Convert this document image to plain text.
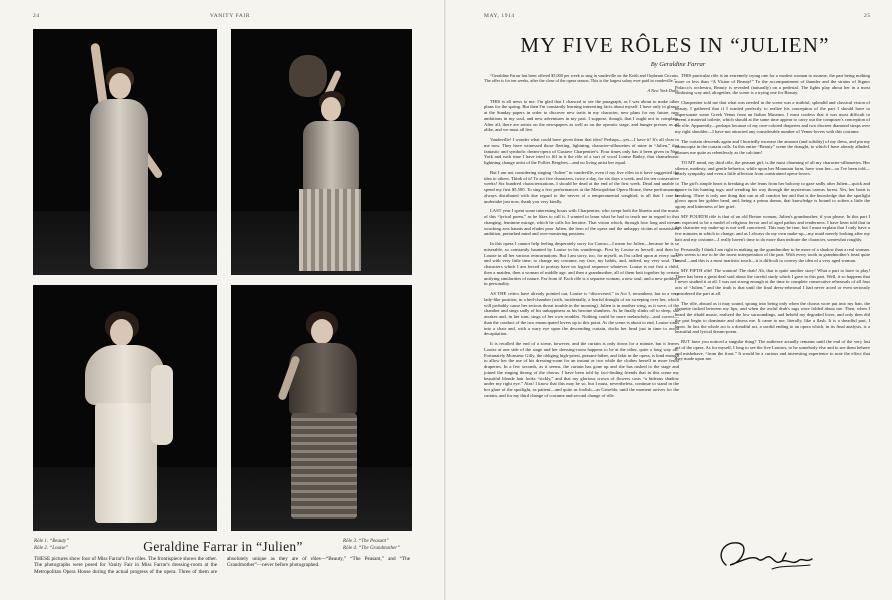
24	VANITY FAIR
Rôle 1. “Beauty”
Rôle 2. “Louise”	Geraldine Farrar in “Julien”	Rôle 3. “The Peasant”
Rôle 4. “The Grandmother”
THESE pictures show four of Miss Farrar's five rôles. The frontispiece shows the other. The photographs were posed for Vanity Fair in Miss Farrar's dressing-room at the Metropolitan Opera House during the actual progress of the opera. Three of them are absolutely unique as they are of rôles—“Beauty,” “The Peasant,” and “The Grandmother”—never before photographed.
MAY, 1914	25
MY FIVE RÔLES IN “JULIEN”
By Geraldine Farrar

“Geraldine Farrar has been offered $5,000 per week to sing in vaudeville on the Keith and Orpheum Circuits. The offer is for ten weeks, after the close of the opera season. This is the largest salary ever paid in vaudeville.”

A New York Daily.

THIS is all news to me. I'm glad that I chanced to see the paragraph, as I was about to make other plans for the spring. But then I'm constantly learning interesting facts about myself. I have only to glance at the Sunday papers in order to discover new traits in my character, new plans for my future, new ambitions in my soul, and new adventures in my past. I suppose, though, that I ought not to complain. After all, there are artists on the newspapers as well as on the operatic stage, and hunger presses us all alike, and we must all live.

Vaudeville! I wonder what could have given them that idea? Perhaps—yes—I have it! It's all clear to me now. They have witnessed those fleeting, lightning, character-silhouettes of mine in “Julien,” that fantastic and symbolic dream-opera of Gustave Charpentier's. Four times only has it been given in New York and each time I have tried to fill in it the rôle of a sort of vocal Louise Bailey, that chameleonic lightning change artist of the Follies Bergères—and no living artist her equal.

But I am not considering singing “Julien” in vaudeville, even if my five rôles in it have suggested the idea to others. Think of it! To act five characters, twice a day, for six days a week, and for ten consecutive weeks! Six hundred characterizations. I should be dead at the end of the first week. Dead and unable to spend my first $5,500. To sing a few performances at the Metropolitan Opera House, these performances always distributed with due regard to the nerves of a temperamental songbird, is all that I care to undertake just now, thank you very kindly.

LAST year I spent some interesting hours with Charpentier, who swept both the libretto and the music of this “lyrical poem,” as he likes to call it. I wanted to learn what he had to teach me in regard to that changing, feminine mirage, which he calls his heroine. That vision which, through four long and nerve-wracking acts haunts and eludes poor Julien, the hero of the opera and the unhappy victim of unsatisfied ambition, perturbed mind and over-mastering passions.

In this opera I cannot help feeling desperately sorry for Caruso—I mean for Julien—because he is so miserable, so constantly haunted by Louise in his wanderings. First by Louise as herself, and then by Louise in all her various reincarnations. But I am sorry, too, for myself, as I'm called upon at every turn, and with very little time, to change my costume, my face, my habits, and, indeed, my very soul. The characters which I am forced to portray have no logical sequence whatever. Louise is not first a child, then a maiden, then a woman of middle age, and then a grandmother, all of them knit together by certain unifying similarities of nature. Far from it! Each rôle is a separate woman, a new soul, and a new problem in personality.

AS THE critics have already pointed out, Louise is “discovered,” in Act I, recumbent, but in a very lady-like position, in a bed-chamber (with, incidentally, a fearful draught of air sweeping over her, which will probably cause her serious throat trouble in the morning). Julien is in another wing, as it were, of the chamber and sings sadly of his unhappiness as his heroine slumbers. As he finally slinks off to sleep, she awakes and, in her turn, sings of her own troubles. Nothing could be more melancholy—and correct—than the conduct of the two emancipated lovers up to this point. As the scene is about to end, Louise sinks into a chair and, with a wary eye upon the descending curtain, ducks her head just in time to avoid decapitation.

It is recalled the end of a scene, however, and the curtain is only down for a minute, but it leaves Louise at one side of the stage and her dressing-room happens to be at the other, quite a long way off. Fortunately Monsieur Gilly, the obliging high-priest, peasant-father, and fakir in the opera, is kind enough to allow her the use of his dressing-room for an instant or two while the clothes herself in more festal draperies. In a few seconds, as it seems, the curtain has gone up and she has rushed to the stage and joined the singing throng of the chorus. I have been told by fact-finding friends that in this scene my beautiful blonde hair looks “sickly,” and that my glorious crown of flowers casts “a hideous shadow under my right eye.” Alas! I know that this may be so, but I must, nevertheless, continue to stand in the hot glare of the spotlight, as patient—and quite as foolish—as Griselda, until the moment arrives for the curtain, and for my third change of costume and second change of rôle.

THIS particular rôle is an extremely trying one for a modest woman to assume, the part being nothing more or less than “A Vision of Beauty!” To the accompaniment of thunder and the strains of Signor Polacco's orchestra, Beauty is revealed (naturally) on a pedestal. The lights play about her in a most confusing way and, altogether, the scene is a trying one for Beauty.

Charpentier told me that what was needed in the scene was a truthful, splendid and classical vision of beauty. I gathered that if I wanted perfectly to realize his conception of the part I should have to impersonate some Greek Venus from an Italian Museum. I must confess that it was most difficult to invent a material toilette, which should at the same time appear to carry out the composer's conception of the rôle. Apparently—perhaps because of my rose-colored draperies and two discreet diamond straps over my right shoulder—I have not attracted any considerable number of Venus-lovers with this costume.

The curtain descends again and I hurriedly increase the amount (and solidity) of my dress, and pin my cornucopia in the curtain calls. In this entire “Beauty” scene the draught, to which I have already alluded, pursues me quite as relentlessly as the calcium!

TO MY mind, my third rôle, the peasant girl, is the most charming of all my character-silhouettes. Her silence, modesty, and gentle behavior, while upon her Mountain farm, have won her—so I've been told—nearly sympathy and even a little affection from constrained opera-lovers.

The girl's simple heart is breaking as she leans from her balcony to gaze sadly after Julien—quick and ignore in his hunting togs, and wending his way through the mysterious canvas forest. Yes, her heart is breaking. There is only one thing that can at all comfort her and that is the knowledge that the spotlight glows upon her golden head, and, being a prima donna, that knowledge is bound to soften a little the agony and bitterness of her grief.

MY FOURTH rôle is that of an old Breton woman, Julien's grandmother, if you please. In this part I am expected to be a model of religious fervor and of aged pathos and tenderness. I have been told that in this character my make-up is not well conceived. This may be true, but I must explain that I only have a few minutes in which to change, and as I always do my own make-up—my maid merely looking after my hair and my costume—I really haven't time to do more than indicate the character, somewhat roughly.

Personally I think I am right in making up the grandmother to be more of a shadow than a real woman. This seems to me to be the truest interpretation of the part. With every tooth in grandmother's head quite sound—and this is a most inartistic touch—it is difficult to convey the idea of a very aged woman.

MY FIFTH rôle! The wanton! The drab! Ah, that is quite another story! What a part to have to play! There has been a great deal said about the careful study which I gave to this part. Well, it so happens that I never studied it at all. I was not strong enough at the time to complete consecutive rehearsals of all four acts of “Julien,” and the truth is that until the final dress-rehearsal I had never acted or even seriously considered the part at all.

The rôle, absurd as it may sound, sprang into being only when the chorus wore put into my hair, the cigarette tucked between my lips, and when the awful drab's rags were folded about me. Then, when I heard the ribald music, realized the low surroundings, and beheld my degraded lover, and only then did the part begin to dominate and obsess me. It came to me, literally, like a flash. It is a dreadful part, I know. In fact the whole act is a dreadful act, a sordid ending to an opera which, in its final analysis, is a beautiful and lyrical dream-poem.

BUT have you noticed a singular thing? The audience actually remains until the end of the very last act of the opera. As for myself, I long to see the five Louises, to be somebody else and to see them behave and misbehave, “from the front.” It would be a curious and interesting experience to note the effect that they made upon me.
